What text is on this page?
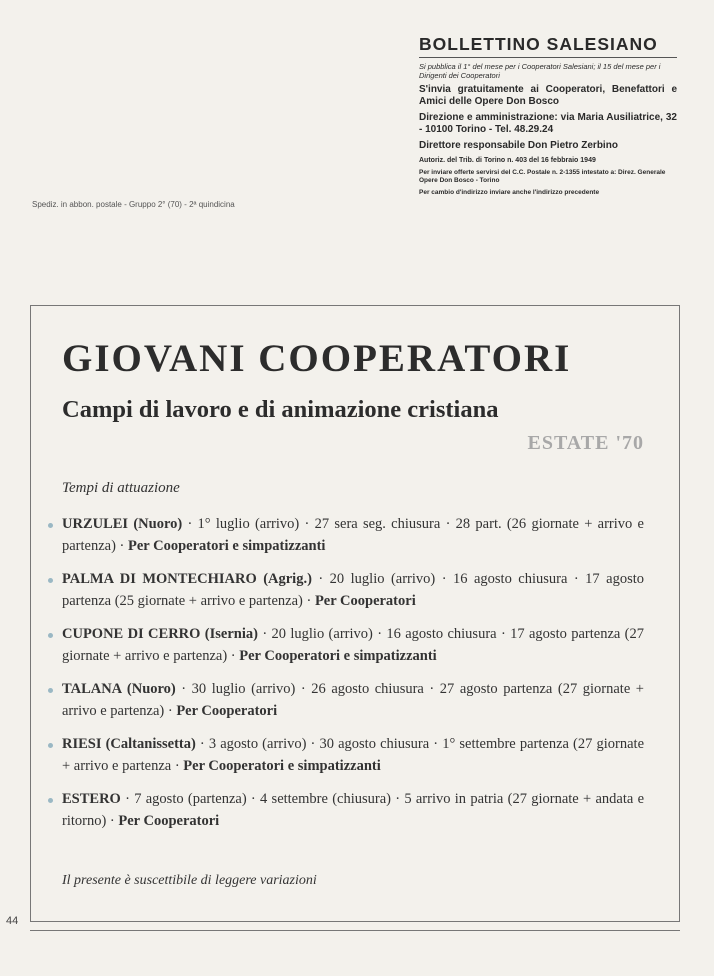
BOLLETTINO SALESIANO
Si pubblica il 1° del mese per i Cooperatori Salesiani; il 15 del mese per i Dirigenti dei Cooperatori
S'invia gratuitamente ai Cooperatori, Benefattori e Amici delle Opere Don Bosco
Direzione e amministrazione: via Maria Ausiliatrice, 32 - 10100 Torino - Tel. 48.29.24
Direttore responsabile Don Pietro Zerbino
Autoriz. del Trib. di Torino n. 403 del 16 febbraio 1949
Per inviare offerte servirsi del C.C. Postale n. 2-1355 intestato a: Direz. Generale Opere Don Bosco - Torino
Per cambio d'indirizzo inviare anche l'indirizzo precedente
Spediz. in abbon. postale - Gruppo 2° (70) - 2ª quindicina
GIOVANI COOPERATORI
Campi di lavoro e di animazione cristiana
ESTATE '70
Tempi di attuazione
URZULEI (Nuoro) · 1° luglio (arrivo) · 27 sera seg. chiusura · 28 part. (26 giornate + arrivo e partenza) · Per Cooperatori e simpatizzanti
PALMA DI MONTECHIARO (Agrig.) · 20 luglio (arrivo) · 16 agosto chiusura · 17 agosto partenza (25 giornate + arrivo e partenza) · Per Cooperatori
CUPONE DI CERRO (Isernia) · 20 luglio (arrivo) · 16 agosto chiusura · 17 agosto partenza (27 giornate + arrivo e partenza) · Per Cooperatori e simpatizzanti
TALANA (Nuoro) · 30 luglio (arrivo) · 26 agosto chiusura · 27 agosto partenza (27 giornate + arrivo e partenza) · Per Cooperatori
RIESI (Caltanissetta) · 3 agosto (arrivo) · 30 agosto chiusura · 1° settembre partenza (27 giornate + arrivo e partenza · Per Cooperatori e simpatizzanti
ESTERO · 7 agosto (partenza) · 4 settembre (chiusura) · 5 arrivo in patria (27 giornate + andata e ritorno) · Per Cooperatori
Il presente è suscettibile di leggere variazioni
44
